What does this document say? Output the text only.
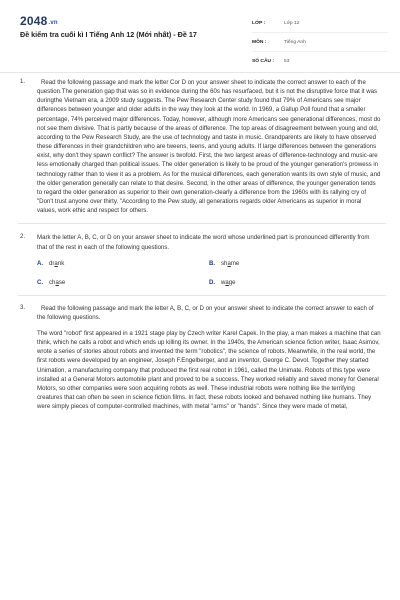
2048.vn
Đề kiểm tra cuối kì I Tiếng Anh 12 (Mới nhất) - Đề 17
LỚP :	Lớp 12
MÔN :	Tiếng Anh
SỐ CÂU :	53
1.	Read the following passage and mark the letter Cor D on your answer sheet to indicate the correct answer to each of the question.The generation gap that was so in evidence during the 60s has resurfaced, but it is not the disruptive force that it was duringthe Vietnam era, a 2009 study suggests. The Pew Research Center study found that 79% of Americans see major differences between younger and older adults in the way they look at the world. In 1969, a Gallup Poll found that a smaller percentage, 74% perceived major differences. Today, however, although more Americans see generational differences, most do not see them divisive. That is partly because of the areas of difference. The top areas of disagreement between young and old, according to the Pew Research Study, are the use of technology and taste in music. Grandparents are likely to have observed these differences in their grandchildren who are tweens, teens, and young adults. If large differences between the generations exist, why don't they spawn conflict? The answer is twofold. First, the two largest areas of difference-technology and music-are less emotionally charged than political issues. The older generation is likely to be proud of the younger generation's prowess in technology rather than to view it as a problem. As for the musical differences, each generation wants its own style of music, and the older generation generally can relate to that desire. Second, in the other areas of difference, the younger generation tends to regard the older generation as superior to their own generation-clearly a difference from the 1960s with its rallying cry of "Don't trust anyone over thirty. "According to the Pew study, all generations regards older Americans as superior in moral values, work ethic and respect for others.
2. Mark the letter A, B, C, or D on your answer sheet to indicate the word whose underlined part is pronounced differently from that of the rest in each of the following questions.
A. drank	B. shame
C. chase	D. wage
3.	Read the following passage and mark the letter A, B, C, or D on your answer sheet to indicate the correct answer to each of the following questions.
The word "robot" first appeared in a 1921 stage play by Czech writer Karel Capek. In the play, a man makes a machine that can think, which he calls a robot and which ends up killing its owner. In the 1940s, the American science fiction writer, Isaac Asimov, wrote a series of stories about robots and invented the term "robotics", the science of robots. Meanwhile, in the real world, the first robots were developed by an engineer, Joseph F.Engelberger, and an inventor, George C. Devol. Together they started Unimation, a manufacturing company that produced the first real robot in 1961, called the Unimate. Robots of this type were installed at a General Motors automobile plant and proved to be a success. They worked reliably and saved money for General Motors, so other companies were soon acquiring robots as well. These industrial robots were nothing like the terrifying creatures that can often be seen in science fiction films. In fact, these robots looked and behaved nothing like humans. They were simply pieces of computer-controlled machines, with metal "arms" or "hands". Since they were made of metal,
